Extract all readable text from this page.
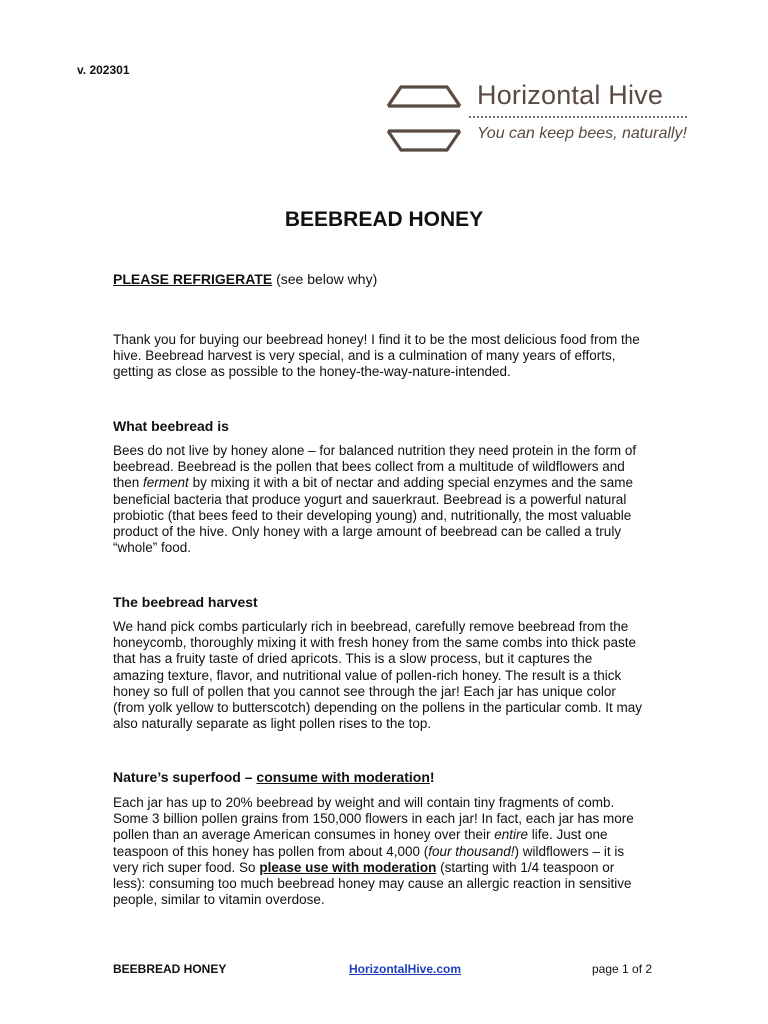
v. 202301
Horizontal Hive
You can keep bees, naturally!
BEEBREAD HONEY
PLEASE REFRIGERATE (see below why)

Thank you for buying our beebread honey! I find it to be the most delicious food from the
hive. Beebread harvest is very special, and is a culmination of many years of efforts,
getting as close as possible to the honey-the-way-nature-intended.

What beebread is

Bees do not live by honey alone – for balanced nutrition they need protein in the form of
beebread. Beebread is the pollen that bees collect from a multitude of wildflowers and
then ferment by mixing it with a bit of nectar and adding special enzymes and the same
beneficial bacteria that produce yogurt and sauerkraut. Beebread is a powerful natural
probiotic (that bees feed to their developing young) and, nutritionally, the most valuable
product of the hive. Only honey with a large amount of beebread can be called a truly
“whole” food.

The beebread harvest

We hand pick combs particularly rich in beebread, carefully remove beebread from the
honeycomb, thoroughly mixing it with fresh honey from the same combs into thick paste
that has a fruity taste of dried apricots. This is a slow process, but it captures the
amazing texture, flavor, and nutritional value of pollen-rich honey. The result is a thick
honey so full of pollen that you cannot see through the jar! Each jar has unique color
(from yolk yellow to butterscotch) depending on the pollens in the particular comb. It may
also naturally separate as light pollen rises to the top.

Nature’s superfood – consume with moderation!

Each jar has up to 20% beebread by weight and will contain tiny fragments of comb.
Some 3 billion pollen grains from 150,000 flowers in each jar! In fact, each jar has more
pollen than an average American consumes in honey over their entire life. Just one
teaspoon of this honey has pollen from about 4,000 (four thousand!) wildflowers – it is
very rich super food. So please use with moderation (starting with 1/4 teaspoon or
less): consuming too much beebread honey may cause an allergic reaction in sensitive
people, similar to vitamin overdose.

BEEBREAD HONEY	HorizontalHive.com	page 1 of 2
